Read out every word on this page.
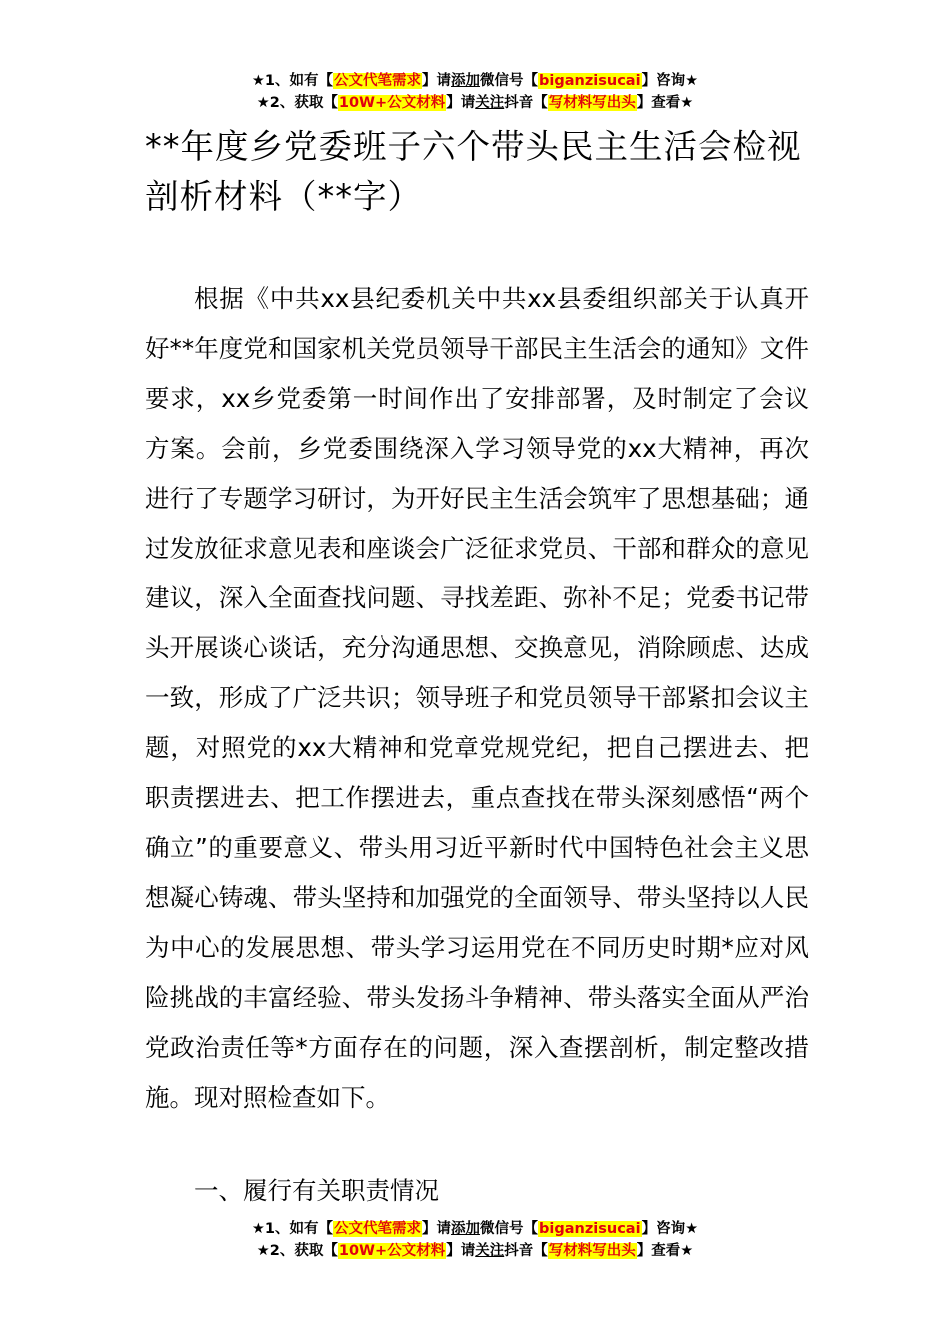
★1、如有【公文代笔需求】请添加微信号【biganzisucai】咨询★
★2、获取【10W+公文材料】请关注抖音【写材料写出头】查看★
**年度乡党委班子六个带头民主生活会检视剖析材料（**字）

根据《中共xx县纪委机关中共xx县委组织部关于认真开好**年度党和国家机关党员领导干部民主生活会的通知》文件要求，xx乡党委第一时间作出了安排部署，及时制定了会议方案。会前，乡党委围绕深入学习领导党的xx大精神，再次进行了专题学习研讨，为开好民主生活会筑牢了思想基础；通过发放征求意见表和座谈会广泛征求党员、干部和群众的意见建议，深入全面查找问题、寻找差距、弥补不足；党委书记带头开展谈心谈话，充分沟通思想、交换意见，消除顾虑、达成一致，形成了广泛共识；领导班子和党员领导干部紧扣会议主题，对照党的xx大精神和党章党规党纪，把自己摆进去、把职责摆进去、把工作摆进去，重点查找在带头深刻感悟“两个确立”的重要意义、带头用习近平新时代中国特色社会主义思想凝心铸魂、带头坚持和加强党的全面领导、带头坚持以人民为中心的发展思想、带头学习运用党在不同历史时期*应对风险挑战的丰富经验、带头发扬斗争精神、带头落实全面从严治党政治责任等*方面存在的问题，深入查摆剖析，制定整改措施。现对照检查如下。

一、履行有关职责情况
★1、如有【公文代笔需求】请添加微信号【biganzisucai】咨询★
★2、获取【10W+公文材料】请关注抖音【写材料写出头】查看★
